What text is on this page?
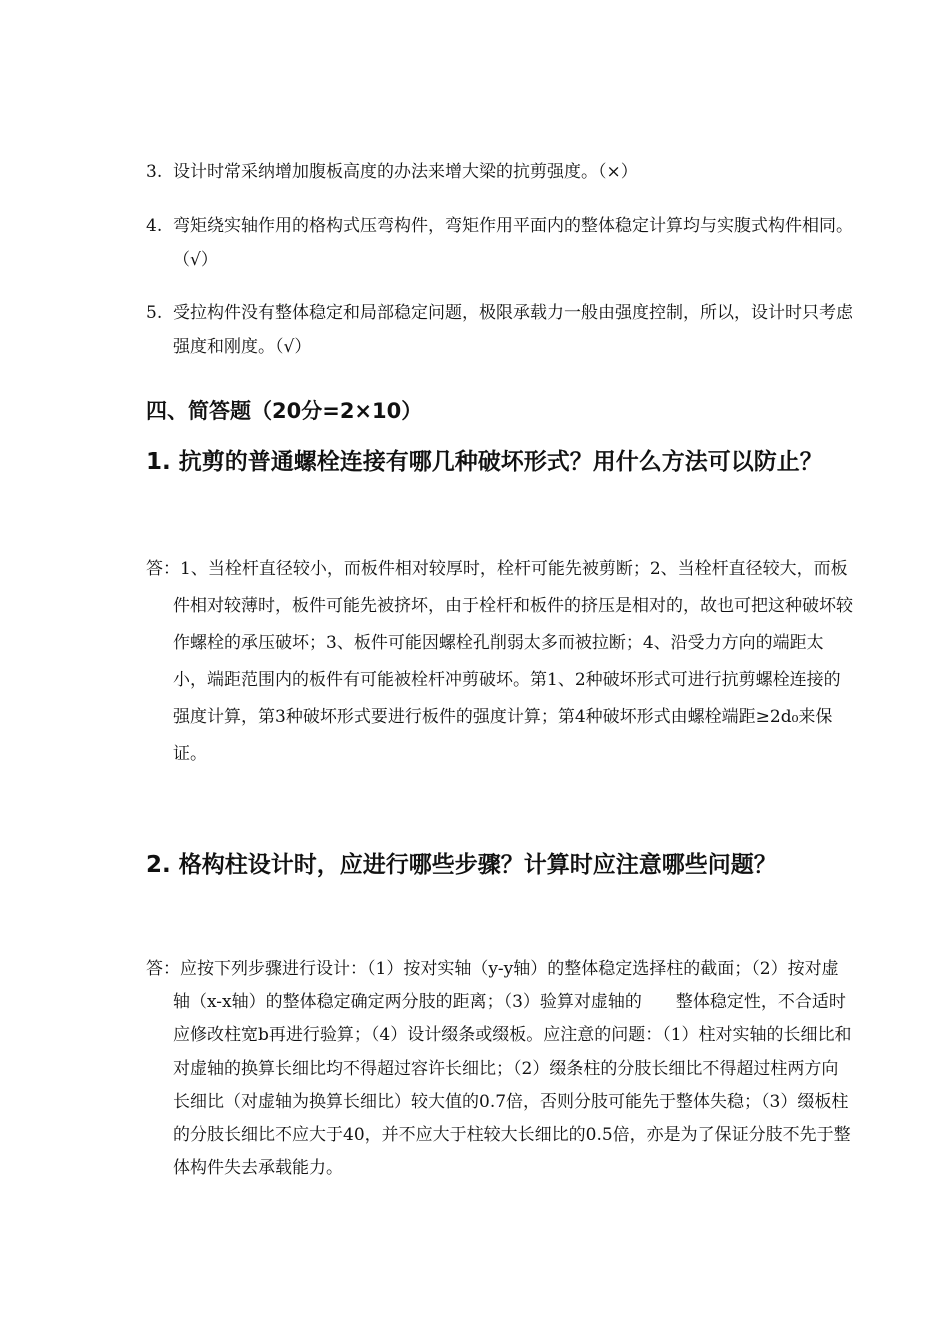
3. 设计时常采纳增加腹板高度的办法来增大梁的抗剪强度。（×）

4. 弯矩绕实轴作用的格构式压弯构件，弯矩作用平面内的整体稳定计算均与实腹式构件相同。（√）

5. 受拉构件没有整体稳定和局部稳定问题，极限承载力一般由强度控制，所以，设计时只考虑强度和刚度。（√）

四、简答题（20分=2×10）
1. 抗剪的普通螺栓连接有哪几种破坏形式？用什么方法可以防止？

答：1、当栓杆直径较小，而板件相对较厚时，栓杆可能先被剪断；2、当栓杆直径较大，而板件相对较薄时，板件可能先被挤坏，由于栓杆和板件的挤压是相对的，故也可把这种破坏较作螺栓的承压破坏；3、板件可能因螺栓孔削弱太多而被拉断；4、沿受力方向的端距太小，端距范围内的板件有可能被栓杆冲剪破坏。第1、2种破坏形式可进行抗剪螺栓连接的强度计算，第3种破坏形式要进行板件的强度计算；第4种破坏形式由螺栓端距≥2d₀来保证。

2. 格构柱设计时，应进行哪些步骤？计算时应注意哪些问题？

答：应按下列步骤进行设计：（1）按对实轴（y-y轴）的整体稳定选择柱的截面；（2）按对虚轴（x-x轴）的整体稳定确定两分肢的距离；（3）验算对虚轴的　　整体稳定性，不合适时应修改柱宽b再进行验算；（4）设计缀条或缀板。应注意的问题：（1）柱对实轴的长细比和对虚轴的换算长细比均不得超过容许长细比；（2）缀条柱的分肢长细比不得超过柱两方向长细比（对虚轴为换算长细比）较大值的0.7倍，否则分肢可能先于整体失稳；（3）缀板柱的分肢长细比不应大于40，并不应大于柱较大长细比的0.5倍，亦是为了保证分肢不先于整体构件失去承载能力。
